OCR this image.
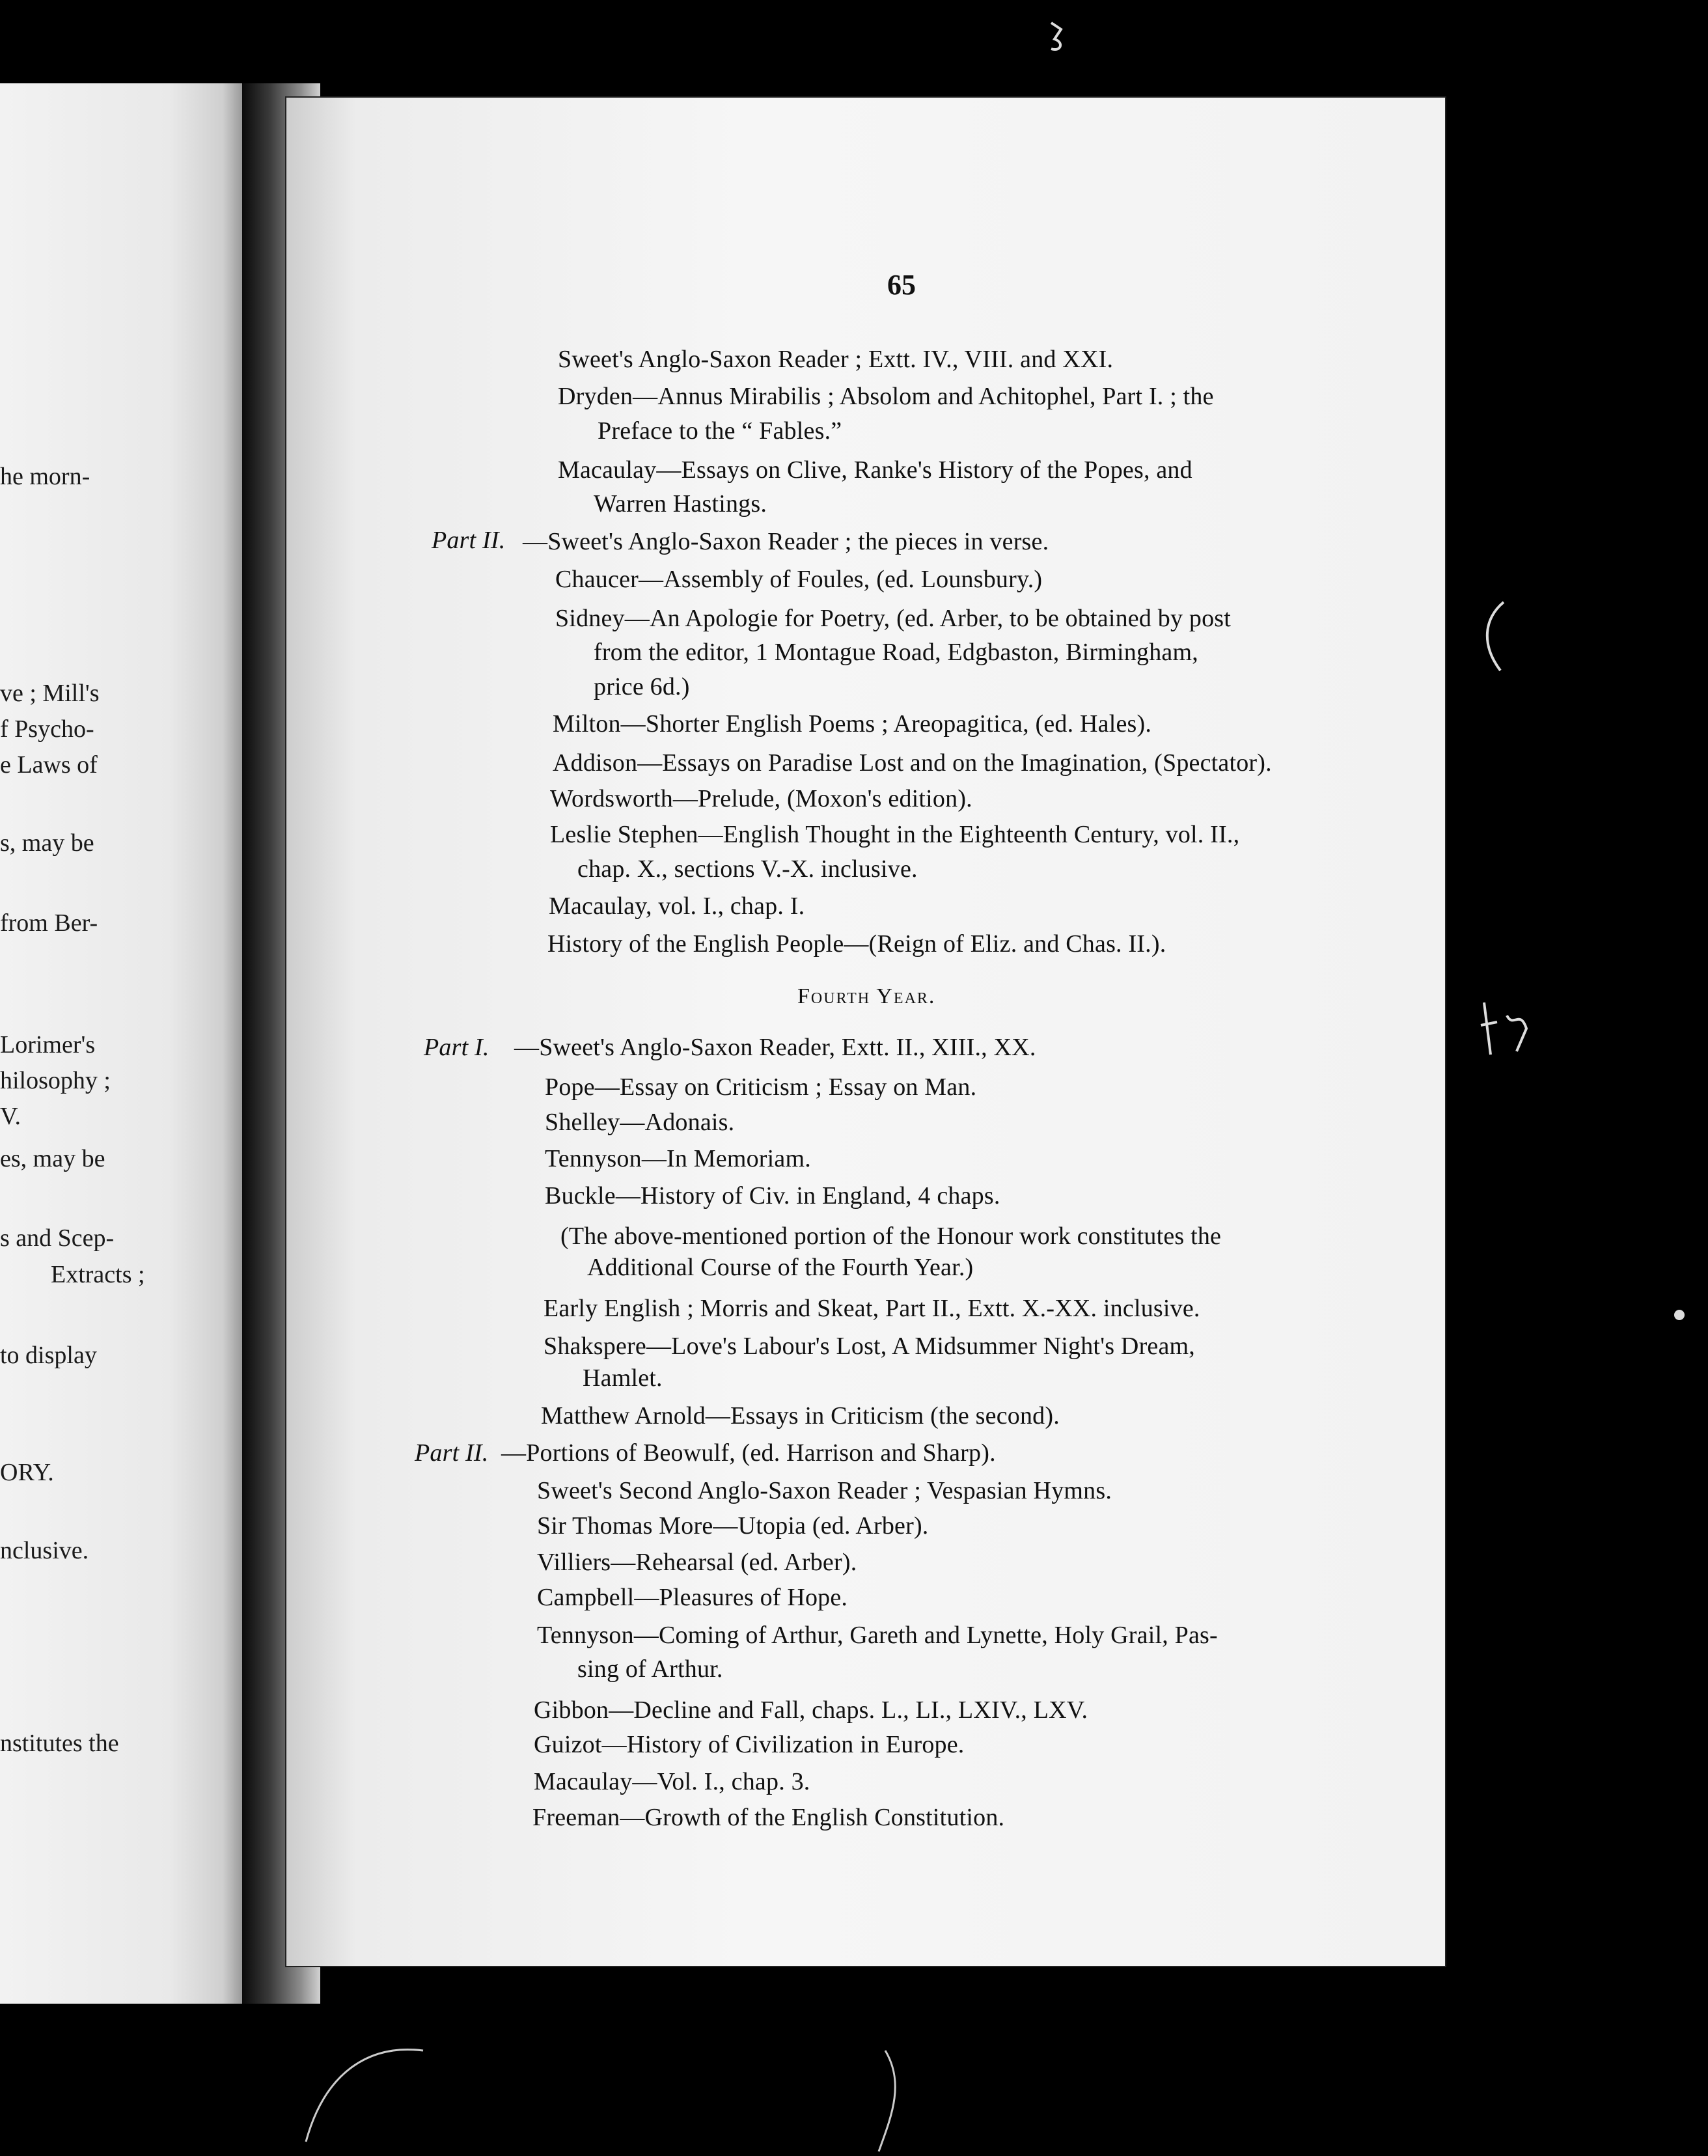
he morn-
ve ; Mill's
f Psycho-
e Laws of
s, may be
from Ber-
Lorimer's
hilosophy ;
V.
es, may be
s and Scep-
Extracts ;
to display
ORY.
nclusive.
nstitutes the
65
Sweet's Anglo-Saxon Reader ; Extt. IV., VIII. and XXI.
Dryden—Annus Mirabilis ; Absolom and Achitophel, Part I. ; the
Preface to the “ Fables.”
Macaulay—Essays on Clive, Ranke's History of the Popes, and
Warren Hastings.
Part II. —Sweet's Anglo-Saxon Reader ; the pieces in verse.
Chaucer—Assembly of Foules, (ed. Lounsbury.)
Sidney—An Apologie for Poetry, (ed. Arber, to be obtained by post
from the editor, 1 Montague Road, Edgbaston, Birmingham,
price 6d.)
Milton—Shorter English Poems ; Areopagitica, (ed. Hales).
Addison—Essays on Paradise Lost and on the Imagination, (Spectator).
Wordsworth—Prelude, (Moxon's edition).
Leslie Stephen—English Thought in the Eighteenth Century, vol. II.,
chap. X., sections V.-X. inclusive.
Macaulay, vol. I., chap. I.
History of the English People—(Reign of Eliz. and Chas. II.).
Fourth Year.
Part I. —Sweet's Anglo-Saxon Reader, Extt. II., XIII., XX.
Pope—Essay on Criticism ; Essay on Man.
Shelley—Adonais.
Tennyson—In Memoriam.
Buckle—History of Civ. in England, 4 chaps.
(The above-mentioned portion of the Honour work constitutes the
Additional Course of the Fourth Year.)
Early English ; Morris and Skeat, Part II., Extt. X.-XX. inclusive.
Shakspere—Love's Labour's Lost, A Midsummer Night's Dream,
Hamlet.
Matthew Arnold—Essays in Criticism (the second).
Part II. —Portions of Beowulf, (ed. Harrison and Sharp).
Sweet's Second Anglo-Saxon Reader ; Vespasian Hymns.
Sir Thomas More—Utopia (ed. Arber).
Villiers—Rehearsal (ed. Arber).
Campbell—Pleasures of Hope.
Tennyson—Coming of Arthur, Gareth and Lynette, Holy Grail, Pas-
sing of Arthur.
Gibbon—Decline and Fall, chaps. L., LI., LXIV., LXV.
Guizot—History of Civilization in Europe.
Macaulay—Vol. I., chap. 3.
Freeman—Growth of the English Constitution.
